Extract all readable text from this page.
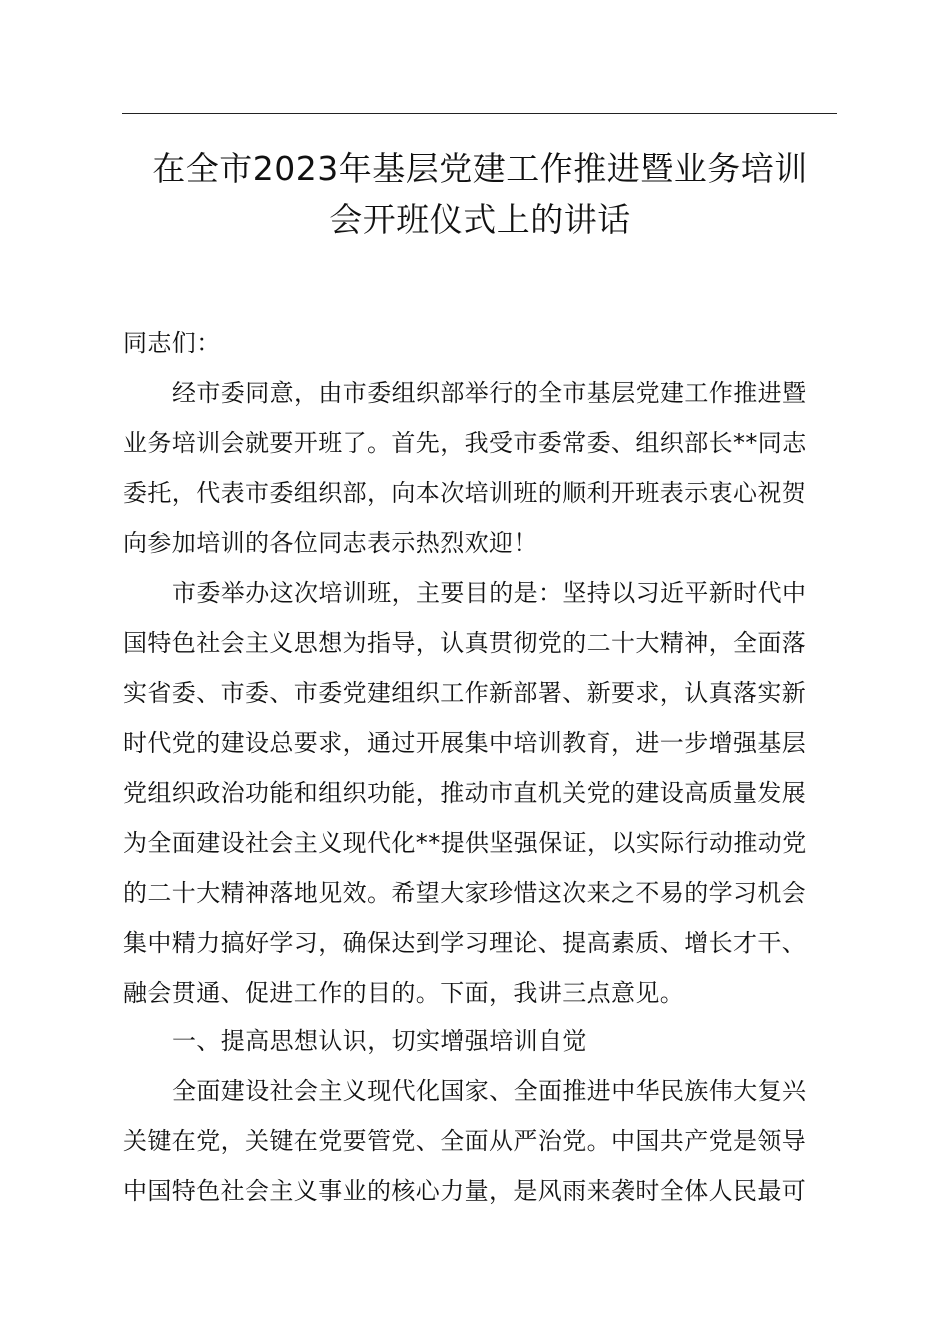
在全市2023年基层党建工作推进暨业务培训
会开班仪式上的讲话
同志们：
经市委同意，由市委组织部举行的全市基层党建工作推进暨
业务培训会就要开班了。首先，我受市委常委、组织部长**同志
委托，代表市委组织部，向本次培训班的顺利开班表示衷心祝贺
向参加培训的各位同志表示热烈欢迎！
市委举办这次培训班，主要目的是：坚持以习近平新时代中
国特色社会主义思想为指导，认真贯彻党的二十大精神，全面落
实省委、市委、市委党建组织工作新部署、新要求，认真落实新
时代党的建设总要求，通过开展集中培训教育，进一步增强基层
党组织政治功能和组织功能，推动市直机关党的建设高质量发展
为全面建设社会主义现代化**提供坚强保证，以实际行动推动党
的二十大精神落地见效。希望大家珍惜这次来之不易的学习机会
集中精力搞好学习，确保达到学习理论、提高素质、增长才干、
融会贯通、促进工作的目的。下面，我讲三点意见。
一、提高思想认识，切实增强培训自觉
全面建设社会主义现代化国家、全面推进中华民族伟大复兴
关键在党，关键在党要管党、全面从严治党。中国共产党是领导
中国特色社会主义事业的核心力量，是风雨来袭时全体人民最可
